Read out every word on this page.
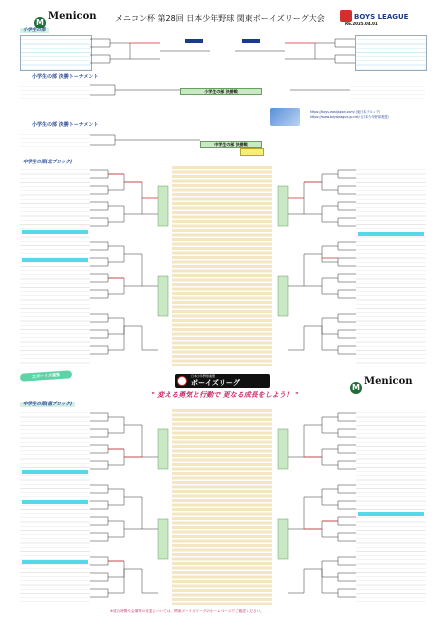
M
Menicon メニコン杯 第28回 日本少年野球 関東ボーイズリーグ大会	BOYS LEAGUE
R6.2025.04.01
小学生の部
小学生の部 決勝トーナメント
小学生の部 決勝戦
https://boys-eastjapan.com/ (東日本ブロック)
https://www.boysleague-jp.net/ (日本少年野球連盟)
小学生の部 決勝トーナメント
中学生の部 決勝戦
中学生の部(北ブロック)
之ボーイズ頑張	日本少年野球連盟
ボーイズリーグ	M
Menicon
" 変える勇気と行動で 更なる成長をしよう！ "
中学生の部(南ブロック)
※試合時間や会場等の変更については、関東ボーイズリーグのホームページでご確認ください。
